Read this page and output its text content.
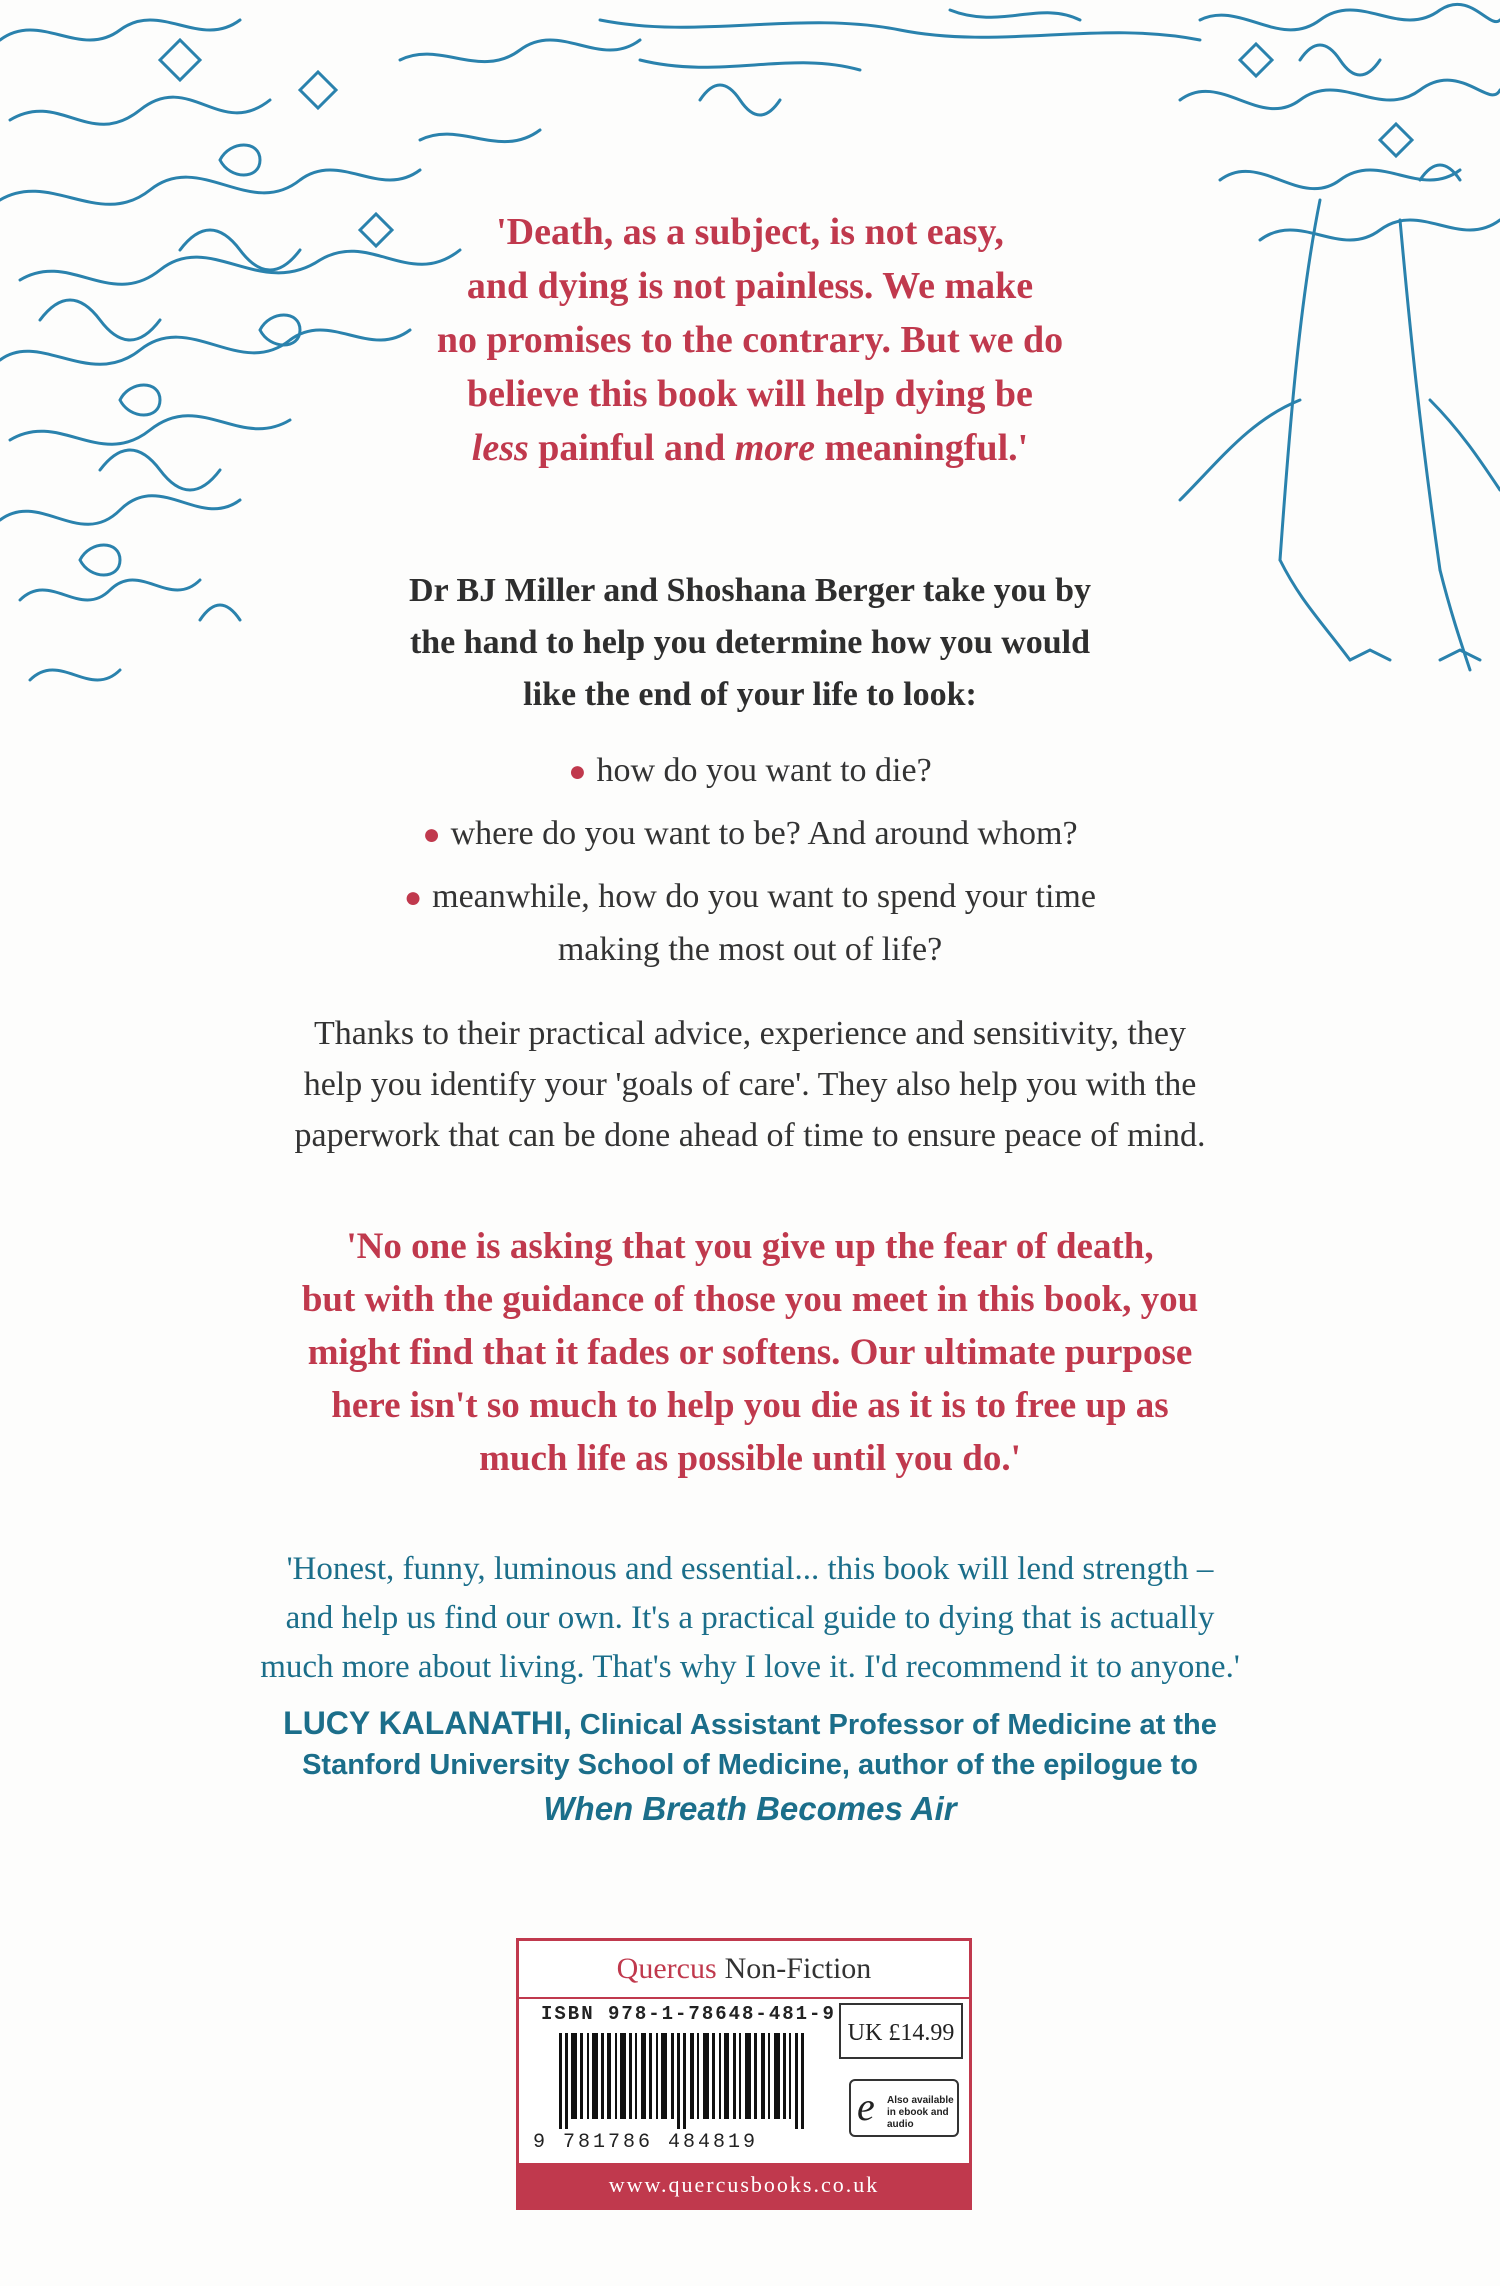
'Death, as a subject, is not easy,
and dying is not painless. We make
no promises to the contrary. But we do
believe this book will help dying be
less painful and more meaningful.'
Dr BJ Miller and Shoshana Berger take you by
the hand to help you determine how you would
like the end of your life to look:
● how do you want to die?
● where do you want to be? And around whom?
● meanwhile, how do you want to spend your time
making the most out of life?
Thanks to their practical advice, experience and sensitivity, they
help you identify your 'goals of care'. They also help you with the
paperwork that can be done ahead of time to ensure peace of mind.
'No one is asking that you give up the fear of death,
but with the guidance of those you meet in this book, you
might find that it fades or softens. Our ultimate purpose
here isn't so much to help you die as it is to free up as
much life as possible until you do.'
'Honest, funny, luminous and essential... this book will lend strength –
and help us find our own. It's a practical guide to dying that is actually
much more about living. That's why I love it. I'd recommend it to anyone.'
LUCY KALANATHI, Clinical Assistant Professor of Medicine at the
Stanford University School of Medicine, author of the epilogue to
When Breath Becomes Air
Quercus Non-Fiction
ISBN 978-1-78648-481-9
9 781786 484819
UK £14.99
e Also available in ebook and audio
www.quercusbooks.co.uk
